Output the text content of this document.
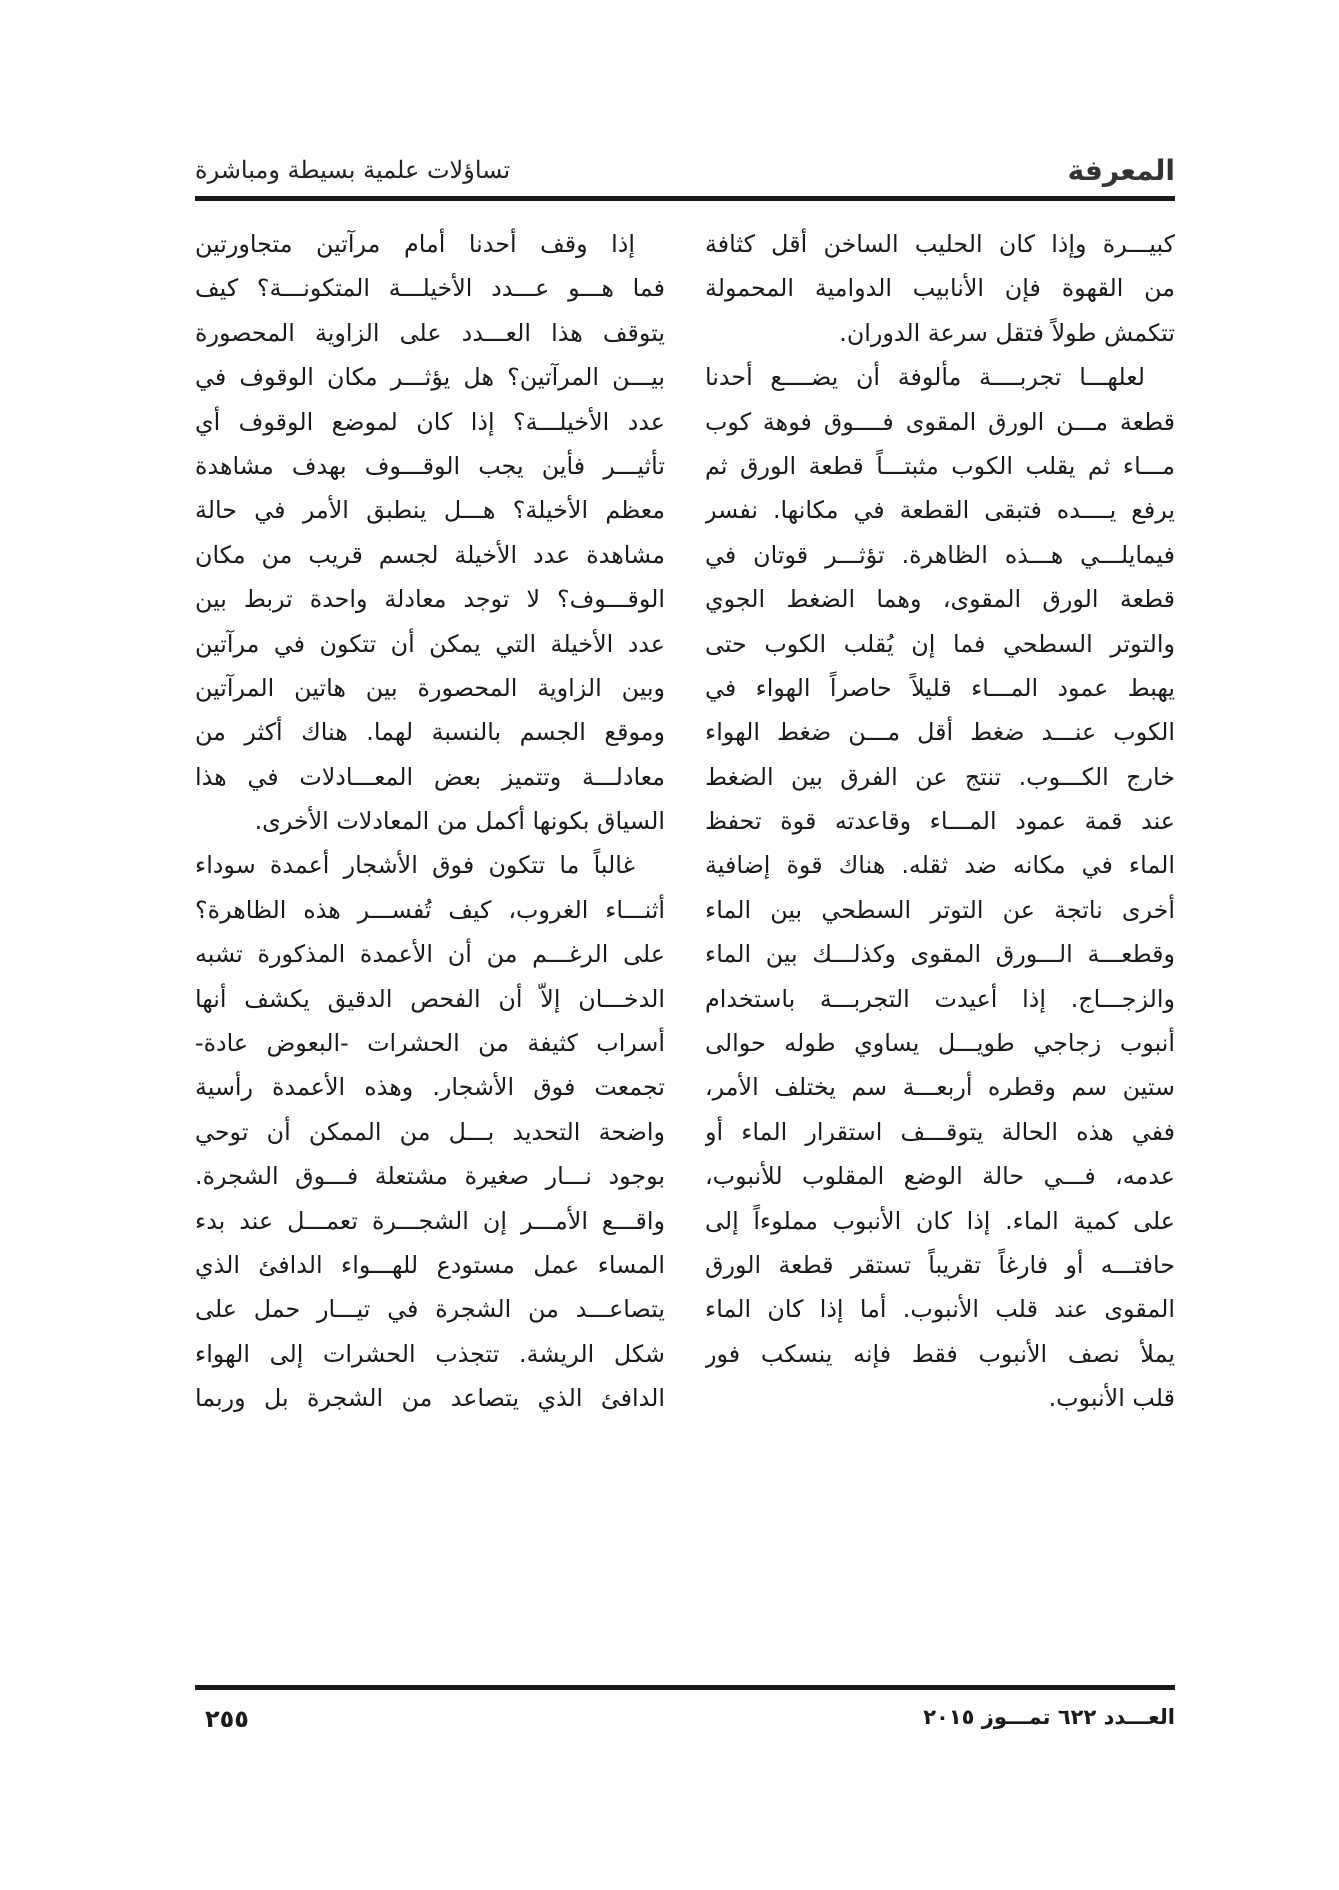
المعرفة
تساؤلات علمية بسيطة ومباشرة
كبيـــرة وإذا كان الحليب الساخن أقل كثافة
من القهوة فإن الأنابيب الدوامية المحمولة
تتكمش طولاً فتقل سرعة الدوران.
لعلهـــا تجربــــة مألوفة أن يضــــع أحدنا
قطعة مـــن الورق المقوى فــــوق فوهة كوب
مـــاء ثم يقلب الكوب مثبتـــاً قطعة الورق ثم
يرفع يــــده فتبقى القطعة في مكانها. نفسر
فيمايلـــي هـــذه الظاهرة. تؤثـــر قوتان في
قطعة الورق المقوى، وهما الضغط الجوي
والتوتر السطحي فما إن يُقلب الكوب حتى
يهبط عمود المـــاء قليلاً حاصراً الهواء في
الكوب عنـــد ضغط أقل مـــن ضغط الهواء
خارج الكـــوب. تنتج عن الفرق بين الضغط
عند قمة عمود المـــاء وقاعدته قوة تحفظ
الماء في مكانه ضد ثقله. هناك قوة إضافية
أخرى ناتجة عن التوتر السطحي بين الماء
وقطعـــة الـــورق المقوى وكذلـــك بين الماء
والزجـــاج. إذا أعيدت التجربـــة باستخدام
أنبوب زجاجي طويـــل يساوي طوله حوالى
ستين سم وقطره أربعـــة سم يختلف الأمر،
ففي هذه الحالة يتوقـــف استقرار الماء أو
عدمه، فـــي حالة الوضع المقلوب للأنبوب،
على كمية الماء. إذا كان الأنبوب مملوءاً إلى
حافتـــه أو فارغاً تقريباً تستقر قطعة الورق
المقوى عند قلب الأنبوب. أما إذا كان الماء
يملأ نصف الأنبوب فقط فإنه ينسكب فور
قلب الأنبوب.
إذا وقف أحدنا أمام مرآتين متجاورتين
فما هـــو عـــدد الأخيلـــة المتكونـــة؟ كيف
يتوقف هذا العـــدد على الزاوية المحصورة
بيـــن المرآتين؟ هل يؤثـــر مكان الوقوف في
عدد الأخيلـــة؟ إذا كان لموضع الوقوف أي
تأثيـــر فأين يجب الوقـــوف بهدف مشاهدة
معظم الأخيلة؟ هـــل ينطبق الأمر في حالة
مشاهدة عدد الأخيلة لجسم قريب من مكان
الوقـــوف؟ لا توجد معادلة واحدة تربط بين
عدد الأخيلة التي يمكن أن تتكون في مرآتين
وبين الزاوية المحصورة بين هاتين المرآتين
وموقع الجسم بالنسبة لهما. هناك أكثر من
معادلـــة وتتميز بعض المعـــادلات في هذا
السياق بكونها أكمل من المعادلات الأخرى.
غالباً ما تتكون فوق الأشجار أعمدة سوداء
أثنـــاء الغروب، كيف تُفســـر هذه الظاهرة؟
على الرغـــم من أن الأعمدة المذكورة تشبه
الدخـــان إلاّ أن الفحص الدقيق يكشف أنها
أسراب كثيفة من الحشرات -البعوض عادة-
تجمعت فوق الأشجار. وهذه الأعمدة رأسية
واضحة التحديد بـــل من الممكن أن توحي
بوجود نـــار صغيرة مشتعلة فـــوق الشجرة.
واقـــع الأمـــر إن الشجـــرة تعمـــل عند بدء
المساء عمل مستودع للهـــواء الدافئ الذي
يتصاعـــد من الشجرة في تيـــار حمل على
شكل الريشة. تتجذب الحشرات إلى الهواء
الدافئ الذي يتصاعد من الشجرة بل وربما
العـــدد ٦٢٢ تمـــوز ٢٠١٥
٢٥٥
